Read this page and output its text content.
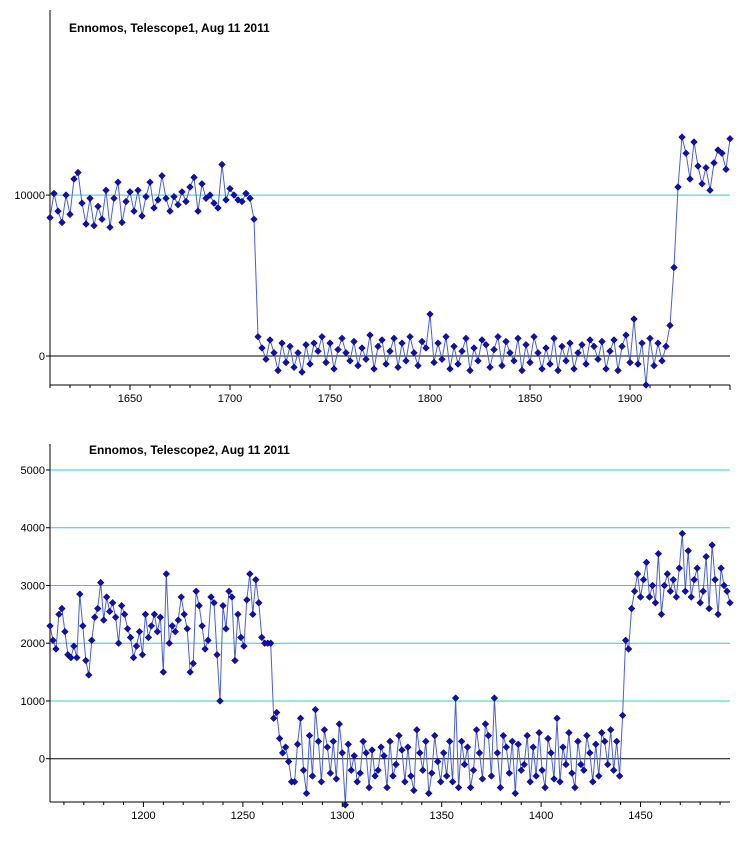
0
10000
1650	1700	1750	1800	1850	1900
Ennomos, Telescope1, Aug 11 2011
0
1000
2000
3000
4000
5000
1200	1250	1300	1350	1400	1450
Ennomos, Telescope2, Aug 11 2011
